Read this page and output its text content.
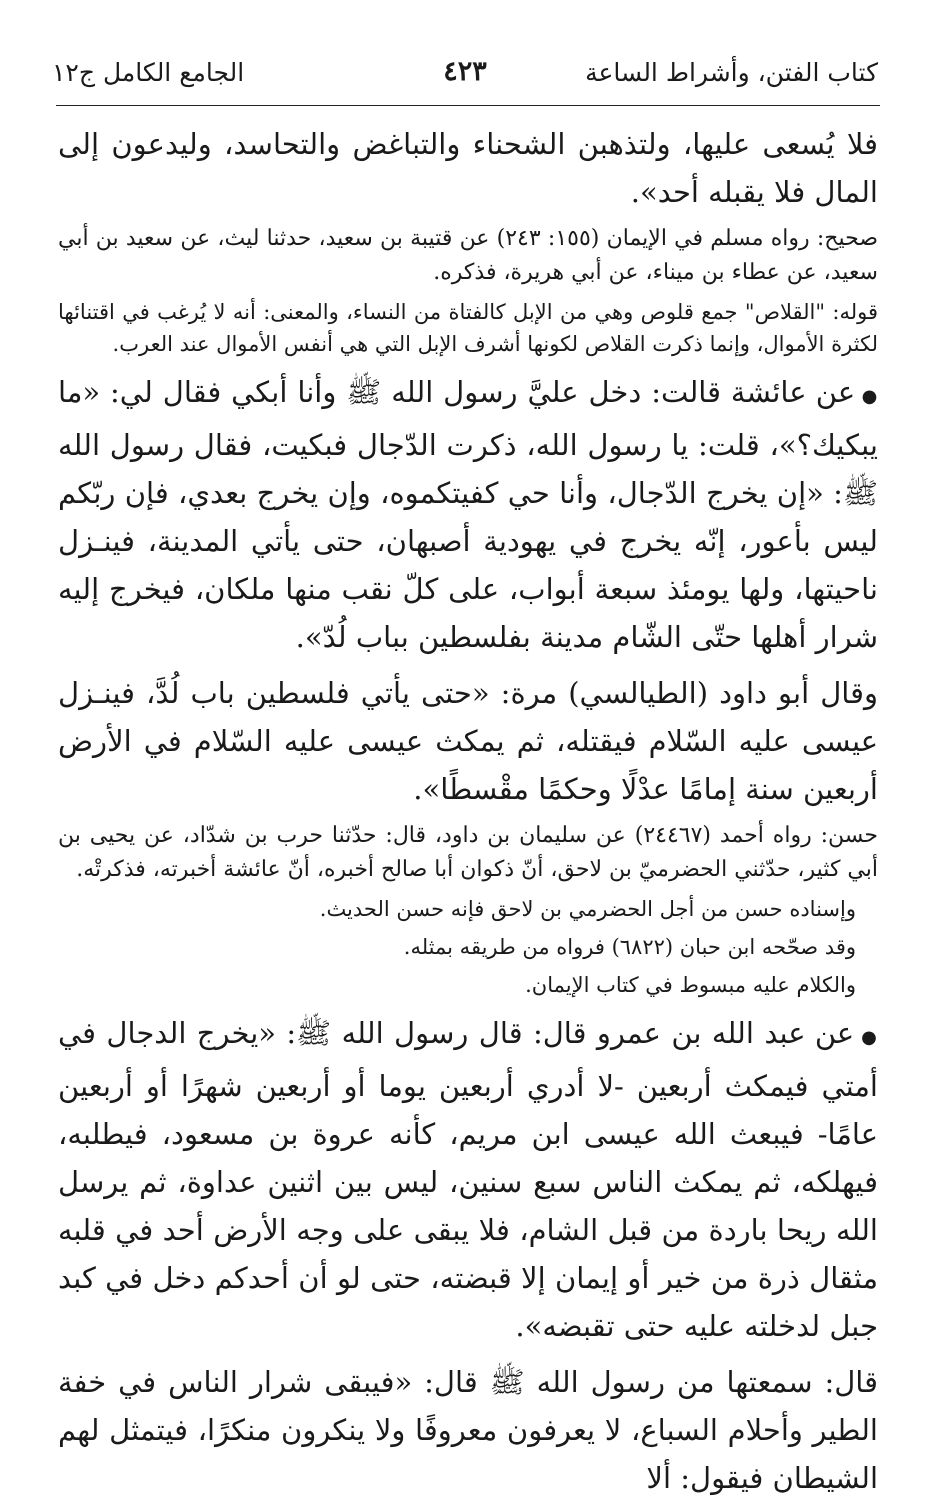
كتاب الفتن، وأشراط الساعة
٤٢٣
الجامع الكامل ج١٢

فلا يُسعى عليها، ولتذهبن الشحناء والتباغض والتحاسد، وليدعون إلى المال فلا يقبله أحد».

صحيح: رواه مسلم في الإيمان (١٥٥: ٢٤٣) عن قتيبة بن سعيد، حدثنا ليث، عن سعيد بن أبي سعيد، عن عطاء بن ميناء، عن أبي هريرة، فذكره.

قوله: "القلاص" جمع قلوص وهي من الإبل كالفتاة من النساء، والمعنى: أنه لا يُرغب في اقتنائها لكثرة الأموال، وإنما ذكرت القلاص لكونها أشرف الإبل التي هي أنفس الأموال عند العرب.

● عن عائشة قالت: دخل عليَّ رسول الله ﷺ وأنا أبكي فقال لي: «ما يبكيك؟»، قلت: يا رسول الله، ذكرت الدّجال فبكيت، فقال رسول الله ﷺ: «إن يخرج الدّجال، وأنا حي كفيتكموه، وإن يخرج بعدي، فإن ربّكم ليس بأعور، إنّه يخرج في يهودية أصبهان، حتى يأتي المدينة، فينـزل ناحيتها، ولها يومئذ سبعة أبواب، على كلّ نقب منها ملكان، فيخرج إليه شرار أهلها حتّى الشّام مدينة بفلسطين بباب لُدّ».

وقال أبو داود (الطيالسي) مرة: «حتى يأتي فلسطين باب لُدَّ، فينـزل عيسى عليه السّلام فيقتله، ثم يمكث عيسى عليه السّلام في الأرض أربعين سنة إمامًا عدْلًا وحكمًا مقْسطًا».

حسن: رواه أحمد (٢٤٤٦٧) عن سليمان بن داود، قال: حدّثنا حرب بن شدّاد، عن يحيى بن أبي كثير، حدّثني الحضرميّ بن لاحق، أنّ ذكوان أبا صالح أخبره، أنّ عائشة أخبرته، فذكرتْه.

وإسناده حسن من أجل الحضرمي بن لاحق فإنه حسن الحديث.

وقد صحّحه ابن حبان (٦٨٢٢) فرواه من طريقه بمثله.

والكلام عليه مبسوط في كتاب الإيمان.

● عن عبد الله بن عمرو قال: قال رسول الله ﷺ: «يخرج الدجال في أمتي فيمكث أربعين -لا أدري أربعين يوما أو أربعين شهرًا أو أربعين عامًا- فيبعث الله عيسى ابن مريم، كأنه عروة بن مسعود، فيطلبه، فيهلكه، ثم يمكث الناس سبع سنين، ليس بين اثنين عداوة، ثم يرسل الله ريحا باردة من قبل الشام، فلا يبقى على وجه الأرض أحد في قلبه مثقال ذرة من خير أو إيمان إلا قبضته، حتى لو أن أحدكم دخل في كبد جبل لدخلته عليه حتى تقبضه».

قال: سمعتها من رسول الله ﷺ قال: «فيبقى شرار الناس في خفة الطير وأحلام السباع، لا يعرفون معروفًا ولا ينكرون منكرًا، فيتمثل لهم الشيطان فيقول: ألا
